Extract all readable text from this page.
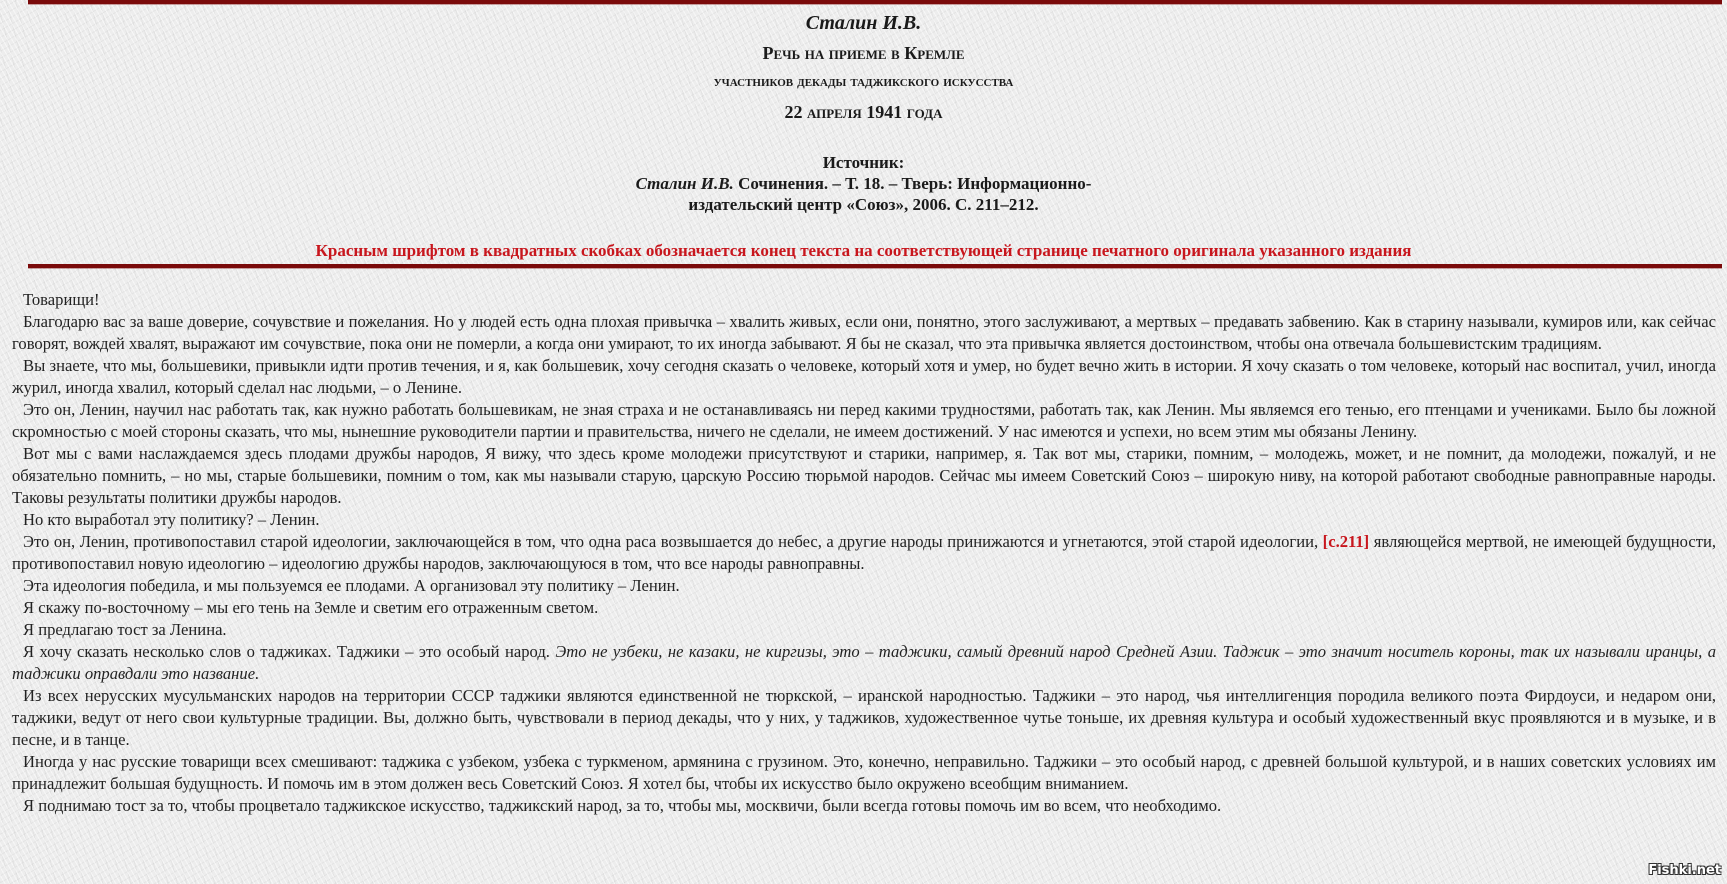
Сталин И.В.
Речь на приеме в Кремле
участников декады таджикского искусства
22 апреля 1941 года
Источник:
Сталин И.В. Сочинения. – Т. 18. – Тверь: Информационно-
издательский центр «Союз», 2006. С. 211–212.
Красным шрифтом в квадратных скобках обозначается конец текста на соответствующей странице печатного оригинала указанного издания

Товарищи!

Благодарю вас за ваше доверие, сочувствие и пожелания. Но у людей есть одна плохая привычка – хвалить живых, если они, понятно, этого заслуживают, а мертвых – предавать забвению. Как в старину называли, кумиров или, как сейчас говорят, вождей хвалят, выражают им сочувствие, пока они не померли, а когда они умирают, то их иногда забывают. Я бы не сказал, что эта привычка является достоинством, чтобы она отвечала большевистским традициям.

Вы знаете, что мы, большевики, привыкли идти против течения, и я, как большевик, хочу сегодня сказать о человеке, который хотя и умер, но будет вечно жить в истории. Я хочу сказать о том человеке, который нас воспитал, учил, иногда журил, иногда хвалил, который сделал нас людьми, – о Ленине.

Это он, Ленин, научил нас работать так, как нужно работать большевикам, не зная страха и не останавливаясь ни перед какими трудностями, работать так, как Ленин. Мы являемся его тенью, его птенцами и учениками. Было бы ложной скромностью с моей стороны сказать, что мы, нынешние руководители партии и правительства, ничего не сделали, не имеем достижений. У нас имеются и успехи, но всем этим мы обязаны Ленину.

Вот мы с вами наслаждаемся здесь плодами дружбы народов, Я вижу, что здесь кроме молодежи присутствуют и старики, например, я. Так вот мы, старики, помним, – молодежь, может, и не помнит, да молодежи, пожалуй, и не обязательно помнить, – но мы, старые большевики, помним о том, как мы называли старую, царскую Россию тюрьмой народов. Сейчас мы имеем Советский Союз – широкую ниву, на которой работают свободные равноправные народы. Таковы результаты политики дружбы народов.

Но кто выработал эту политику? – Ленин.

Это он, Ленин, противопоставил старой идеологии, заключающейся в том, что одна раса возвышается до небес, а другие народы принижаются и угнетаются, этой старой идеологии, [с.211] являющейся мертвой, не имеющей будущности, противопоставил новую идеологию – идеологию дружбы народов, заключающуюся в том, что все народы равноправны.

Эта идеология победила, и мы пользуемся ее плодами. А организовал эту политику – Ленин.

Я скажу по-восточному – мы его тень на Земле и светим его отраженным светом.

Я предлагаю тост за Ленина.

Я хочу сказать несколько слов о таджиках. Таджики – это особый народ. Это не узбеки, не казаки, не киргизы, это – таджики, самый древний народ Средней Азии. Таджик – это значит носитель короны, так их называли иранцы, а таджики оправдали это название.

Из всех нерусских мусульманских народов на территории СССР таджики являются единственной не тюркской, – иранской народностью. Таджики – это народ, чья интеллигенция породила великого поэта Фирдоуси, и недаром они, таджики, ведут от него свои культурные традиции. Вы, должно быть, чувствовали в период декады, что у них, у таджиков, художественное чутье тоньше, их древняя культура и особый художественный вкус проявляются и в музыке, и в песне, и в танце.

Иногда у нас русские товарищи всех смешивают: таджика с узбеком, узбека с туркменом, армянина с грузином. Это, конечно, неправильно. Таджики – это особый народ, с древней большой культурой, и в наших советских условиях им принадлежит большая будущность. И помочь им в этом должен весь Советский Союз. Я хотел бы, чтобы их искусство было окружено всеобщим вниманием.

Я поднимаю тост за то, чтобы процветало таджикское искусство, таджикский народ, за то, чтобы мы, москвичи, были всегда готовы помочь им во всем, что необходимо.

Fishki.net
